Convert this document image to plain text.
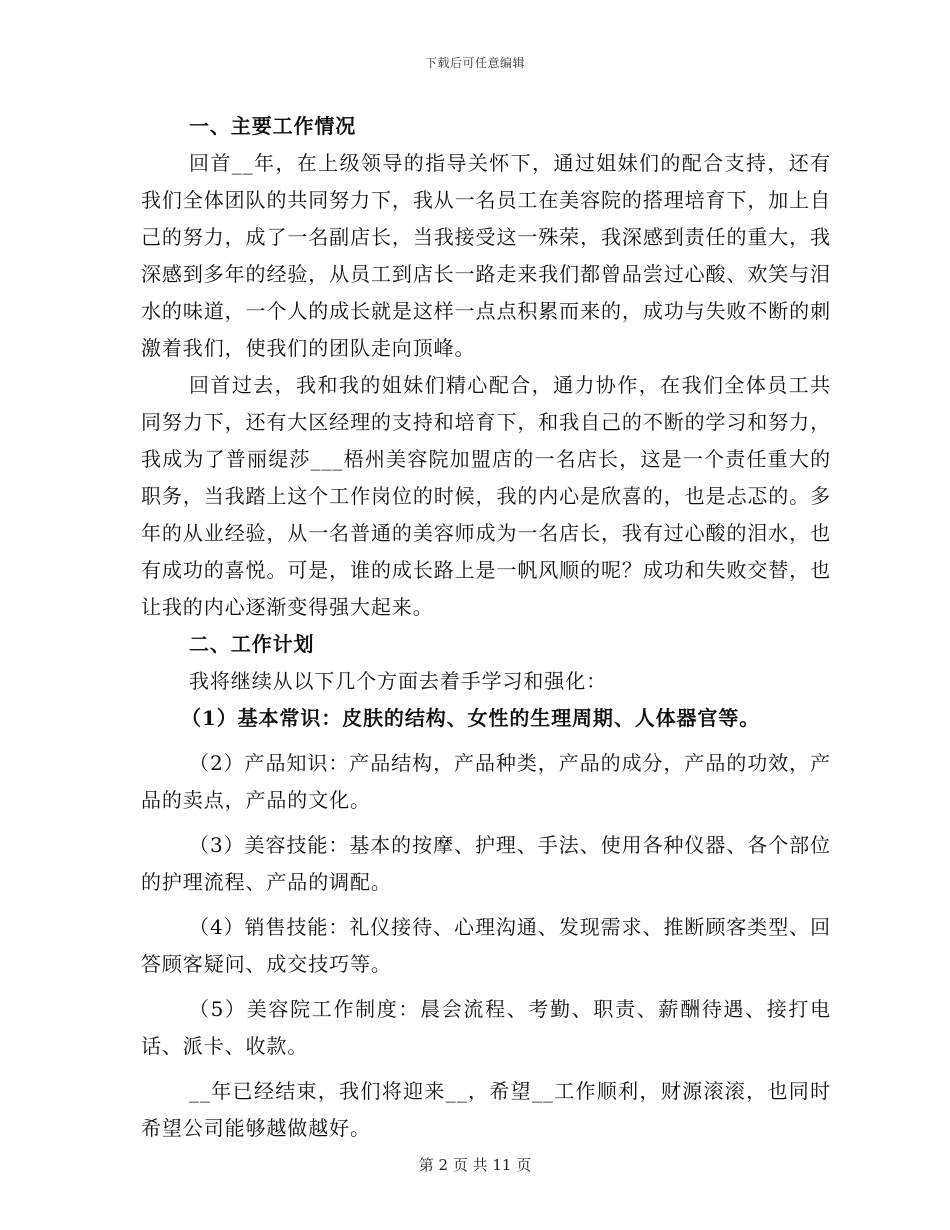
下载后可任意编辑

一、主要工作情况

回首__年，在上级领导的指导关怀下，通过姐妹们的配合支持，还有我们全体团队的共同努力下，我从一名员工在美容院的搭理培育下，加上自己的努力，成了一名副店长，当我接受这一殊荣，我深感到责任的重大，我深感到多年的经验，从员工到店长一路走来我们都曾品尝过心酸、欢笑与泪水的味道，一个人的成长就是这样一点点积累而来的，成功与失败不断的刺激着我们，使我们的团队走向顶峰。

回首过去，我和我的姐妹们精心配合，通力协作，在我们全体员工共同努力下，还有大区经理的支持和培育下，和我自己的不断的学习和努力，我成为了普丽缇莎___梧州美容院加盟店的一名店长，这是一个责任重大的职务，当我踏上这个工作岗位的时候，我的内心是欣喜的，也是忐忑的。多年的从业经验，从一名普通的美容师成为一名店长，我有过心酸的泪水，也有成功的喜悦。可是，谁的成长路上是一帆风顺的呢？成功和失败交替，也让我的内心逐渐变得强大起来。

二、工作计划

我将继续从以下几个方面去着手学习和强化：

（1）基本常识：皮肤的结构、女性的生理周期、人体器官等。

（2）产品知识：产品结构，产品种类，产品的成分，产品的功效，产品的卖点，产品的文化。

（3）美容技能：基本的按摩、护理、手法、使用各种仪器、各个部位的护理流程、产品的调配。

（4）销售技能：礼仪接待、心理沟通、发现需求、推断顾客类型、回答顾客疑问、成交技巧等。

（5）美容院工作制度：晨会流程、考勤、职责、薪酬待遇、接打电话、派卡、收款。

__年已经结束，我们将迎来__，希望__工作顺利，财源滚滚，也同时希望公司能够越做越好。

第 2 页 共 11 页
